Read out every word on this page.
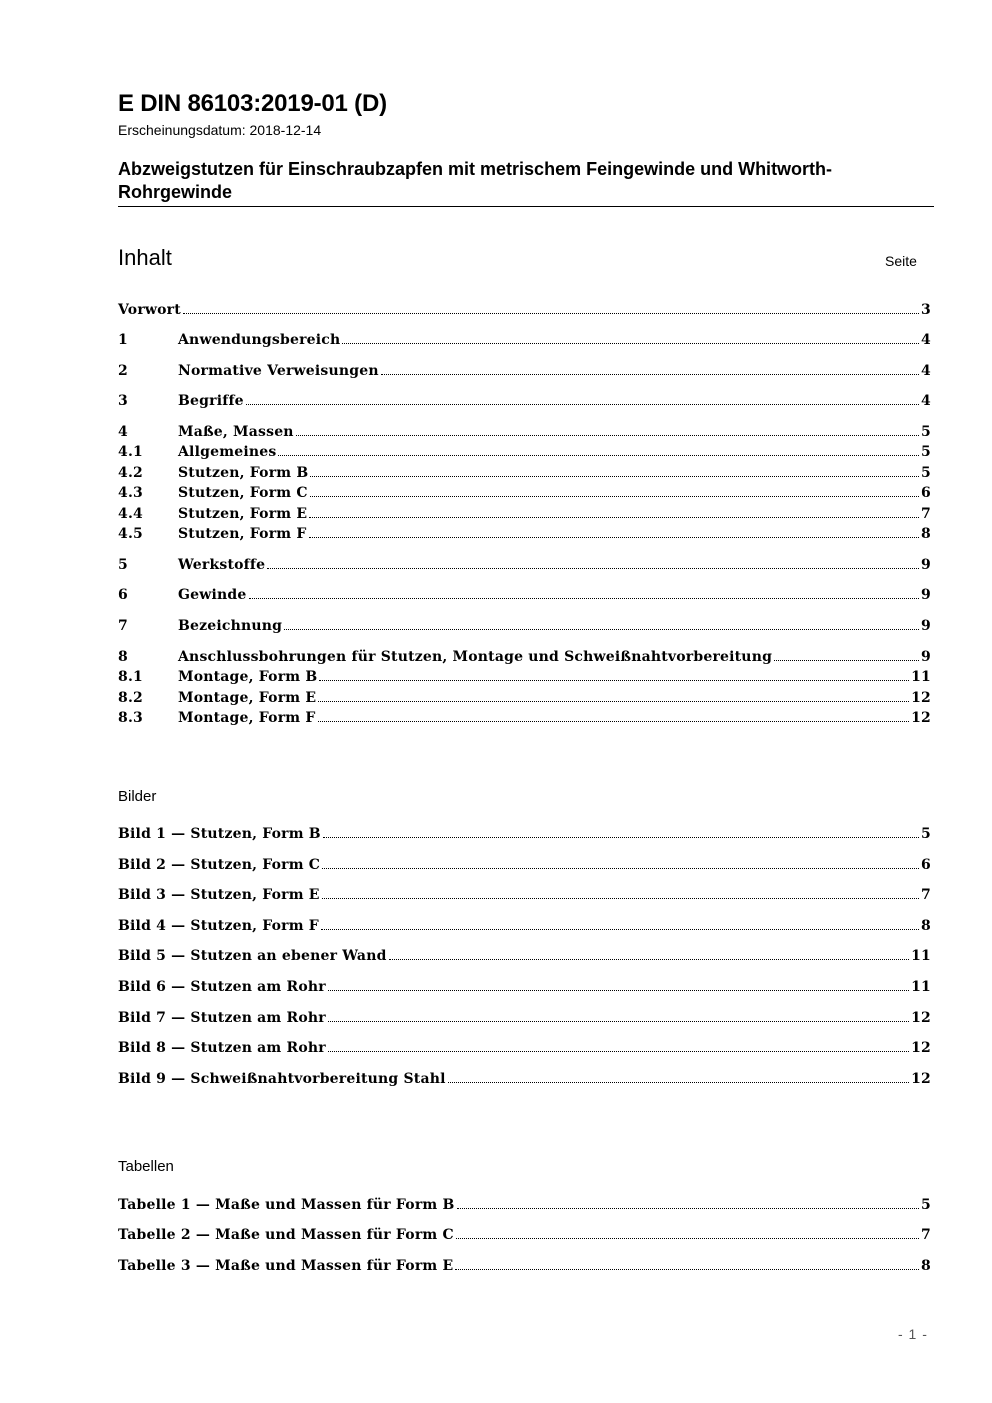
E DIN 86103:2019-01 (D)
Erscheinungsdatum: 2018-12-14
Abzweigstutzen für Einschraubzapfen mit metrischem Feingewinde und Whitworth-Rohrgewinde
Inhalt	Seite
Vorwort	3
1	Anwendungsbereich	4
2	Normative Verweisungen	4
3	Begriffe	4
4	Maße, Massen	5
4.1	Allgemeines	5
4.2	Stutzen, Form B	5
4.3	Stutzen, Form C	6
4.4	Stutzen, Form E	7
4.5	Stutzen, Form F	8
5	Werkstoffe	9
6	Gewinde	9
7	Bezeichnung	9
8	Anschlussbohrungen für Stutzen, Montage und Schweißnahtvorbereitung	9
8.1	Montage, Form B	11
8.2	Montage, Form E	12
8.3	Montage, Form F	12
Bilder
Bild 1 — Stutzen, Form B	5
Bild 2 — Stutzen, Form C	6
Bild 3 — Stutzen, Form E	7
Bild 4 — Stutzen, Form F	8
Bild 5 — Stutzen an ebener Wand	11
Bild 6 — Stutzen am Rohr	11
Bild 7 — Stutzen am Rohr	12
Bild 8 — Stutzen am Rohr	12
Bild 9 — Schweißnahtvorbereitung Stahl	12
Tabellen
Tabelle 1 — Maße und Massen für Form B	5
Tabelle 2 — Maße und Massen für Form C	7
Tabelle 3 — Maße und Massen für Form E	8
- 1 -
